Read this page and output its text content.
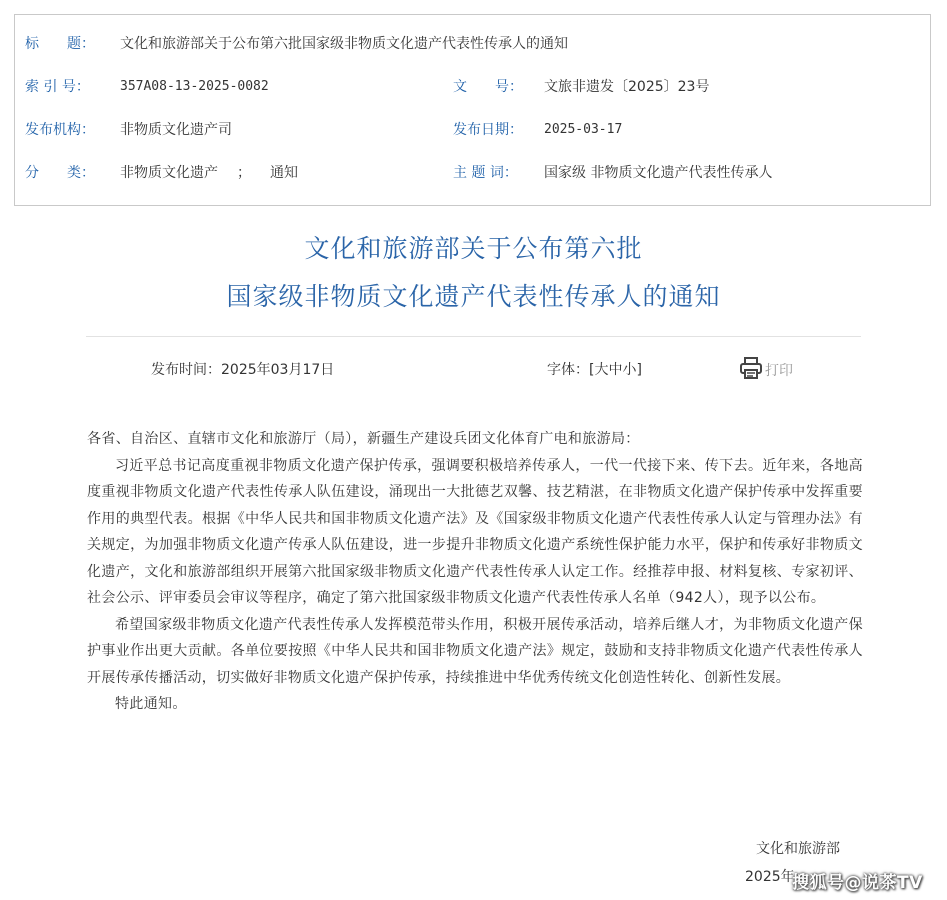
标　　题： 文化和旅游部关于公布第六批国家级非物质文化遗产代表性传承人的通知
索 引 号： 357A08-13-2025-0082	文　　号： 文旅非遗发〔2025〕23号
发布机构： 非物质文化遗产司	发布日期： 2025-03-17
分　　类： 非物质文化遗产 ； 通知	主 题 词： 国家级 非物质文化遗产代表性传承人
文化和旅游部关于公布第六批
国家级非物质文化遗产代表性传承人的通知
发布时间：2025年03月17日	字体：[大中小]	打印

各省、自治区、直辖市文化和旅游厅（局），新疆生产建设兵团文化体育广电和旅游局：

习近平总书记高度重视非物质文化遗产保护传承，强调要积极培养传承人，一代一代接下来、传下去。近年来，各地高度重视非物质文化遗产代表性传承人队伍建设，涌现出一大批德艺双馨、技艺精湛，在非物质文化遗产保护传承中发挥重要作用的典型代表。根据《中华人民共和国非物质文化遗产法》及《国家级非物质文化遗产代表性传承人认定与管理办法》有关规定，为加强非物质文化遗产传承人队伍建设，进一步提升非物质文化遗产系统性保护能力水平，保护和传承好非物质文化遗产，文化和旅游部组织开展第六批国家级非物质文化遗产代表性传承人认定工作。经推荐申报、材料复核、专家初评、社会公示、评审委员会审议等程序，确定了第六批国家级非物质文化遗产代表性传承人名单（942人），现予以公布。

希望国家级非物质文化遗产代表性传承人发挥模范带头作用，积极开展传承活动，培养后继人才，为非物质文化遗产保护事业作出更大贡献。各单位要按照《中华人民共和国非物质文化遗产法》规定，鼓励和支持非物质文化遗产代表性传承人开展传承传播活动，切实做好非物质文化遗产保护传承，持续推进中华优秀传统文化创造性转化、创新性发展。

特此通知。

文化和旅游部
2025年
搜狐号@说茶TV
